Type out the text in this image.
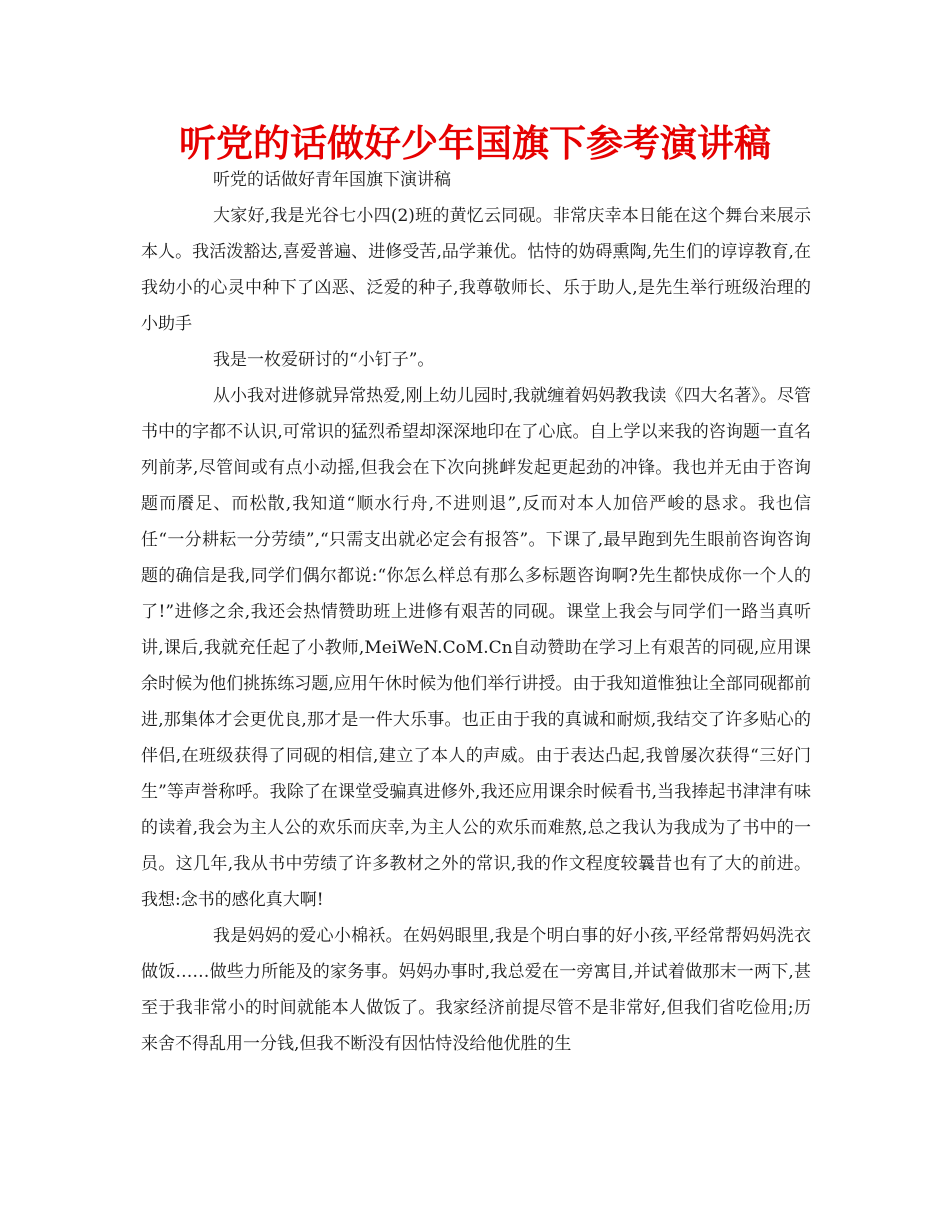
听党的话做好少年国旗下参考演讲稿

听党的话做好青年国旗下演讲稿

大家好,我是光谷七小四(2)班的黄忆云同砚。非常庆幸本日能在这个舞台来展示本人。我活泼豁达,喜爱普遍、进修受苦,品学兼优。怙恃的妫碍熏陶,先生们的谆谆教育,在我幼小的心灵中种下了凶恶、泛爱的种子,我尊敬师长、乐于助人,是先生举行班级治理的小助手

我是一枚爱研讨的“小钉子”。

从小我对进修就异常热爱,刚上幼儿园时,我就缠着妈妈教我读《四大名著》。尽管书中的字都不认识,可常识的猛烈希望却深深地印在了心底。自上学以来我的咨询题一直名列前茅,尽管间或有点小动摇,但我会在下次向挑衅发起更起劲的冲锋。我也并无由于咨询题而餍足、而松散,我知道“顺水行舟,不进则退”,反而对本人加倍严峻的恳求。我也信任“一分耕耘一分劳绩”,“只需支出就必定会有报答”。下课了,最早跑到先生眼前咨询咨询题的确信是我,同学们偶尔都说:“你怎么样总有那么多标题咨询啊?先生都快成你一个人的了!”进修之余,我还会热情赞助班上进修有艰苦的同砚。课堂上我会与同学们一路当真听讲,课后,我就充任起了小教师,MeiWeN.CoM.Cn自动赞助在学习上有艰苦的同砚,应用课余时候为他们挑拣练习题,应用午休时候为他们举行讲授。由于我知道惟独让全部同砚都前进,那集体才会更优良,那才是一件大乐事。也正由于我的真诚和耐烦,我结交了许多贴心的伴侣,在班级获得了同砚的相信,建立了本人的声威。由于表达凸起,我曾屡次获得“三好门生”等声誉称呼。我除了在课堂受骗真进修外,我还应用课余时候看书,当我捧起书津津有味的读着,我会为主人公的欢乐而庆幸,为主人公的欢乐而难熬,总之我认为我成为了书中的一员。这几年,我从书中劳绩了许多教材之外的常识,我的作文程度较曩昔也有了大的前进。我想:念书的感化真大啊!

我是妈妈的爱心小棉袄。在妈妈眼里,我是个明白事的好小孩,平经常帮妈妈洗衣做饭……做些力所能及的家务事。妈妈办事时,我总爱在一旁寓目,并试着做那末一两下,甚至于我非常小的时间就能本人做饭了。我家经济前提尽管不是非常好,但我们省吃俭用;历来舍不得乱用一分钱,但我不断没有因怙恃没给他优胜的生
